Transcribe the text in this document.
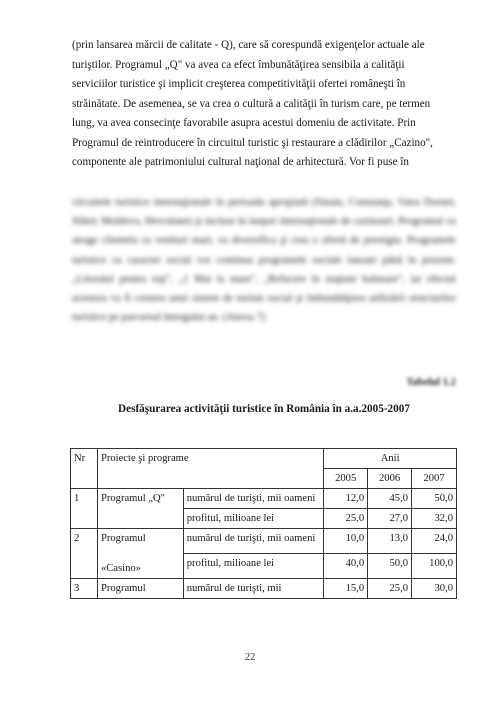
(prin lansarea mărcii de calitate - Q), care să corespundă exigenţelor actuale ale
turiştilor. Programul „Q" va avea ca efect îmbunătăţirea sensibila a calităţii
serviciilor turistice şi implicit creşterea competitivităţii ofertei româneşti în
străinătate. De asemenea, se va crea o cultură a calităţii în turism care, pe termen
lung, va avea consecinţe favorabile asupra acestui domeniu de activitate. Prin
Programul de reintroducere în circuitul turistic şi restaurare a clădirilor „Cazino",
componente ale patrimoniului cultural naţional de arhitectură. Vor fi puse în

circuitele turistice internaţionale în perioada apropiată (Sinaia, Constanţa, Vatra Dornei, Slănic Moldova, Herculane) şi incluse în lanţuri internaţionale de cazinouri. Programul va atrage clientela cu venituri mari, va diversifica şi crea o ofertă de prestigiu. Programele turistice cu caracter social vor continua programele sociale lansate până în prezent: „Litoralul pentru toţi", „1 Mai la mare", „Refacere în staţiuni balneare", iar efectul acestora va fi crearea unui sistem de turism social şi îmbunătăţirea utilizării structurilor turistice pe parcursul întregului an. (Anexa 7)

Tabelul 1.2
Desfăşurarea activităţii turistice în România în a.a.2005-2007
Nr	Proiecte şi programe		Anii		
			2005	2006	2007
1	Programul „Q"	numărul de turişti, mii oameni	12,0	45,0	50,0
		profitul, milioane lei	25,0	27,0	32,0
2	Programul
«Casino»	numărul de turişti, mii oameni	10,0	13,0	24,0
		profitul, milioane lei	40,0	50,0	100,0
3	Programul	numărul de turişti, mii	15,0	25,0	30,0
22
